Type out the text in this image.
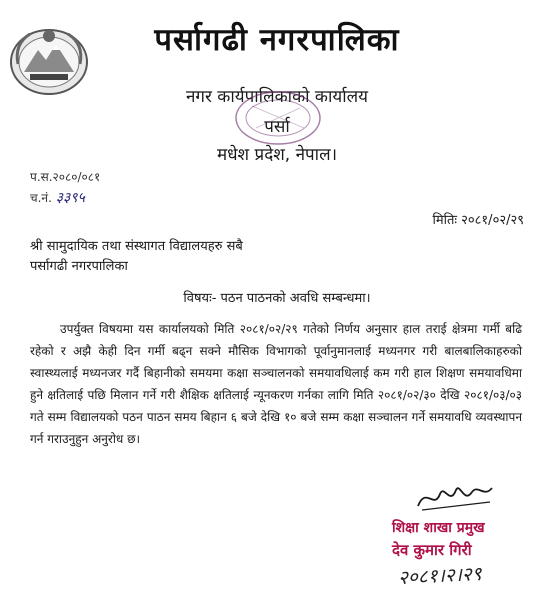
पर्सागढी नगरपालिका
नगर कार्यपालिकाको कार्यालय
पर्सा
मधेश प्रदेश, नेपाल।
प.स.२०८०/०८१
च.नं. ३३९५
मितिः २०८१/०२/२९
श्री सामुदायिक तथा संस्थागत विद्यालयहरु सबै
पर्सागढी नगरपालिका
विषयः- पठन पाठनको अवधि सम्बन्धमा।
उपर्युक्त विषयमा यस कार्यालयको मिति २०८१/०२/२९ गतेको निर्णय अनुसार हाल तराई क्षेत्रमा गर्मी बढि रहेको र अझै केही दिन गर्मी बढ्न सक्ने मौसिक विभागको पूर्वानुमानलाई मध्यनगर गरी बालबालिकाहरुको स्वास्थ्यलाई मध्यनजर गर्दै बिहानीको समयमा कक्षा सञ्चालनको समयावधिलाई कम गरी हाल शिक्षण समयावधिमा हुने क्षतिलाई पछि मिलान गर्ने गरी शैक्षिक क्षतिलाई न्यूनकरण गर्नका लागि मिति २०८१/०२/३० देखि २०८१/०३/०३ गते सम्म विद्यालयको पठन पाठन समय बिहान ६ बजे देखि १० बजे सम्म कक्षा सञ्चालन गर्ने समयावधि व्यवस्थापन गर्न गराउनुहुन अनुरोध छ।
शिक्षा शाखा प्रमुख
देव कुमार गिरी
२०८१।२।२९
